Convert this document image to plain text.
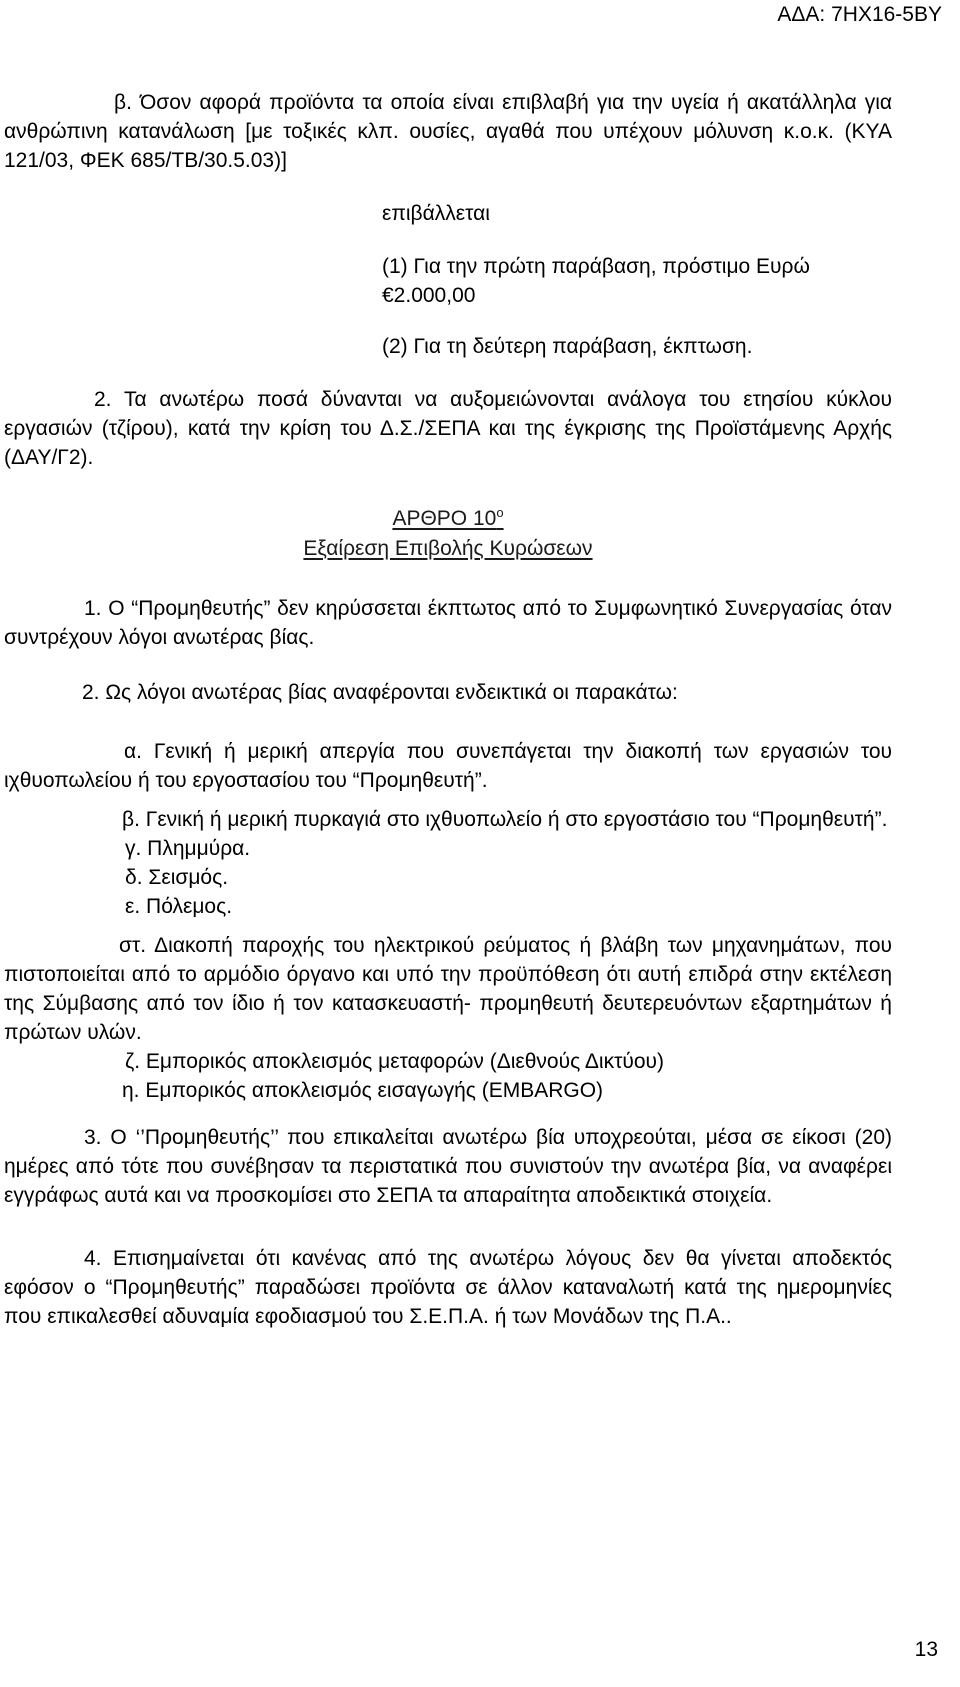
ΑΔΑ: 7ΗΧ16-5ΒΥ

β. Όσον αφορά προϊόντα τα οποία είναι επιβλαβή για την υγεία ή ακατάλληλα για ανθρώπινη κατανάλωση [με τοξικές κλπ. ουσίες, αγαθά που υπέχουν μόλυνση κ.ο.κ. (ΚΥΑ 121/03, ΦΕΚ 685/ΤΒ/30.5.03)]

επιβάλλεται

(1) Για την πρώτη παράβαση, πρόστιμο Ευρώ €2.000,00

(2) Για τη δεύτερη παράβαση, έκπτωση.

2. Τα ανωτέρω ποσά δύνανται να αυξομειώνονται ανάλογα του ετησίου κύκλου εργασιών (τζίρου), κατά την κρίση του Δ.Σ./ΣΕΠΑ και της έγκρισης της Προϊστάμενης Αρχής (ΔΑΥ/Γ2).

ΑΡΘΡΟ $10^o$
Εξαίρεση Επιβολής Κυρώσεων

1. Ο “Προμηθευτής” δεν κηρύσσεται έκπτωτος από το Συμφωνητικό Συνεργασίας όταν συντρέχουν λόγοι ανωτέρας βίας.

2. Ως λόγοι ανωτέρας βίας αναφέρονται ενδεικτικά οι παρακάτω:

α. Γενική ή μερική απεργία που συνεπάγεται την διακοπή των εργασιών του ιχθυοπωλείου ή του εργοστασίου του “Προμηθευτή”.

β. Γενική ή μερική πυρκαγιά στο ιχθυοπωλείο ή στο εργοστάσιο του “Προμηθευτή”.

γ. Πλημμύρα.

δ. Σεισμός.

ε. Πόλεμος.

στ. Διακοπή παροχής του ηλεκτρικού ρεύματος ή βλάβη των μηχανημάτων, που πιστοποιείται από το αρμόδιο όργανο και υπό την προϋπόθεση ότι αυτή επιδρά στην εκτέλεση της Σύμβασης από τον ίδιο ή τον κατασκευαστή- προμηθευτή δευτερευόντων εξαρτημάτων ή πρώτων υλών.

ζ. Εμπορικός αποκλεισμός μεταφορών (Διεθνούς Δικτύου)

η. Εμπορικός αποκλεισμός εισαγωγής (EMBARGO)

3. Ο ‘’Προμηθευτής’’ που επικαλείται ανωτέρω βία υποχρεούται, μέσα σε είκοσι (20) ημέρες από τότε που συνέβησαν τα περιστατικά που συνιστούν την ανωτέρα βία, να αναφέρει εγγράφως αυτά και να προσκομίσει στο ΣΕΠΑ τα απαραίτητα αποδεικτικά στοιχεία.

4. Επισημαίνεται ότι κανένας από της ανωτέρω λόγους δεν θα γίνεται αποδεκτός εφόσον ο “Προμηθευτής” παραδώσει προϊόντα σε άλλον καταναλωτή κατά της ημερομηνίες που επικαλεσθεί αδυναμία εφοδιασμού του Σ.Ε.Π.Α. ή των Μονάδων της Π.Α..

13
